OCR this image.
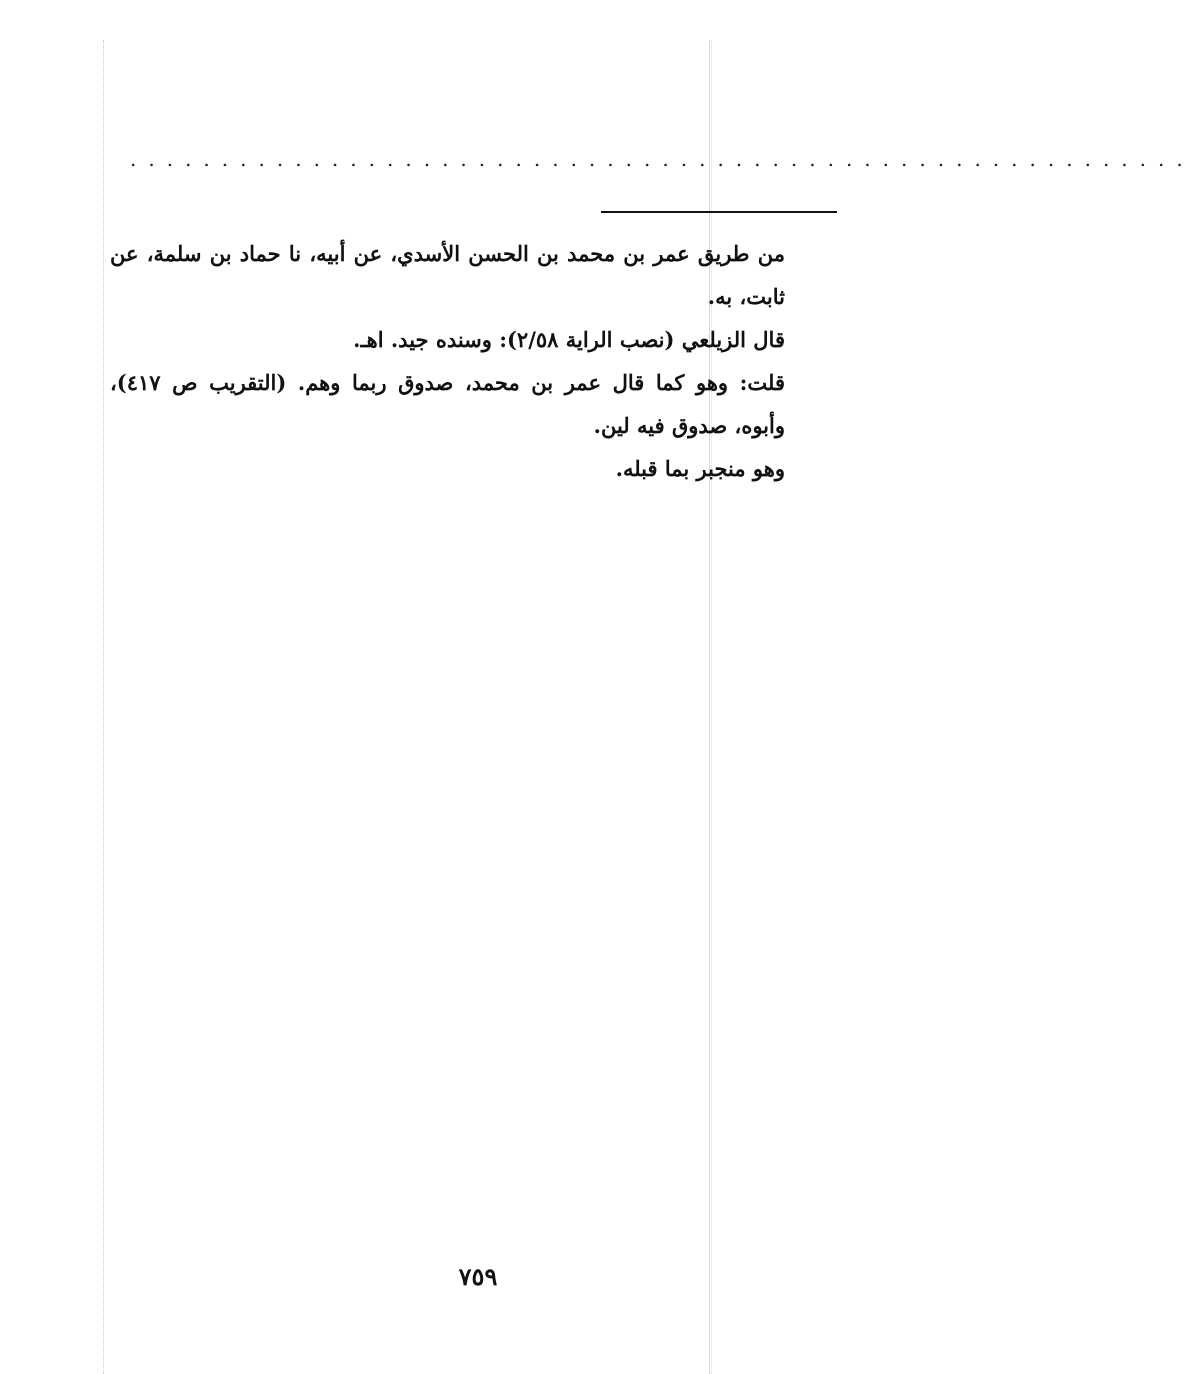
..........................................................

من طريق عمر بن محمد بن الحسن الأسدي، عن أبيه، نا حماد بن سلمة، عن ثابت، به.

قال الزيلعي (نصب الراية ٢/٥٨): وسنده جيد. اهـ.

قلت: وهو كما قال عمر بن محمد، صدوق ربما وهم. (التقريب ص ٤١٧)، وأبوه، صدوق فيه لين.

وهو منجبر بما قبله.

٧٥٩
